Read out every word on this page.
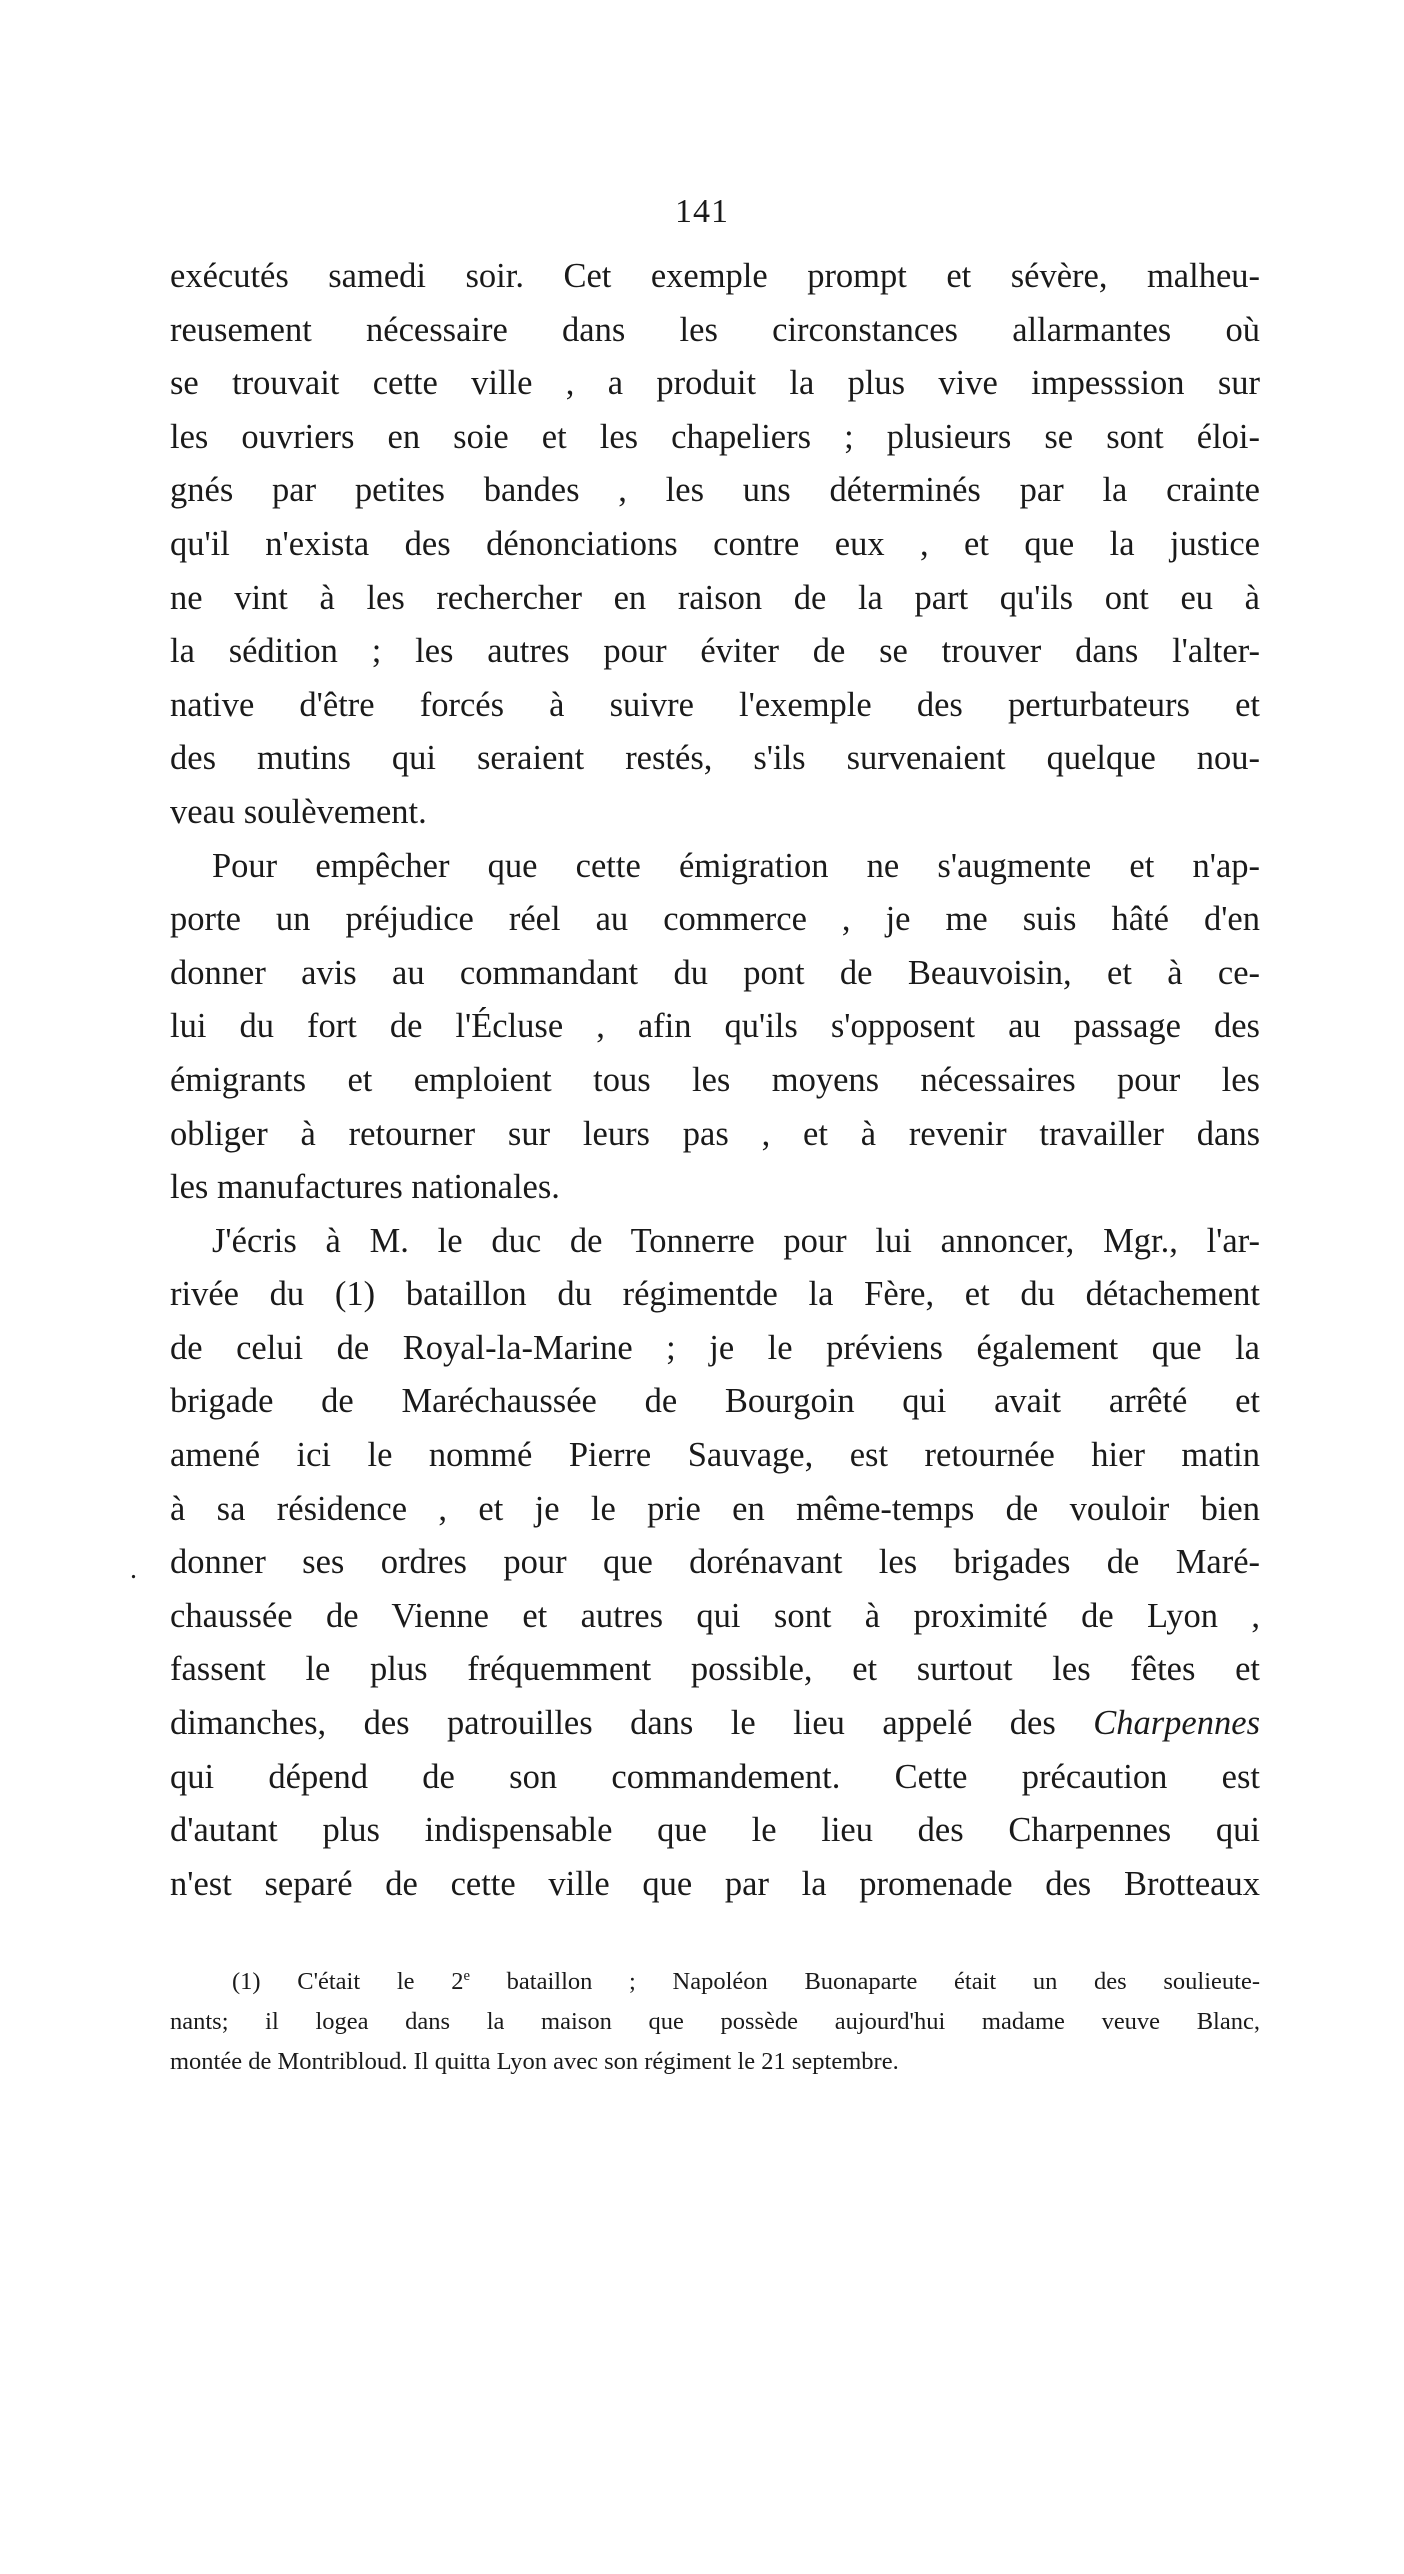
141
.
exécutés samedi soir. Cet exemple prompt et sévère, malheu-
reusement nécessaire dans les circonstances allarmantes où
se trouvait cette ville , a produit la plus vive impesssion sur
les ouvriers en soie et les chapeliers ; plusieurs se sont éloi-
gnés par petites bandes , les uns déterminés par la crainte
qu'il n'exista des dénonciations contre eux , et que la justice
ne vint à les rechercher en raison de la part qu'ils ont eu à
la sédition ; les autres pour éviter de se trouver dans l'alter-
native d'être forcés à suivre l'exemple des perturbateurs et
des mutins qui seraient restés, s'ils survenaient quelque nou-
veau soulèvement.
Pour empêcher que cette émigration ne s'augmente et n'ap-
porte un préjudice réel au commerce , je me suis hâté d'en
donner avis au commandant du pont de Beauvoisin, et à ce-
lui du fort de l'Écluse , afin qu'ils s'opposent au passage des
émigrants et emploient tous les moyens nécessaires pour les
obliger à retourner sur leurs pas , et à revenir travailler dans
les manufactures nationales.
J'écris à M. le duc de Tonnerre pour lui annoncer, Mgr., l'ar-
rivée du (1) bataillon du régimentde la Fère, et du détachement
de celui de Royal-la-Marine ; je le préviens également que la
brigade de Maréchaussée de Bourgoin qui avait arrêté et
amené ici le nommé Pierre Sauvage, est retournée hier matin
à sa résidence , et je le prie en même-temps de vouloir bien
donner ses ordres pour que dorénavant les brigades de Maré-
chaussée de Vienne et autres qui sont à proximité de Lyon ,
fassent le plus fréquemment possible, et surtout les fêtes et
dimanches, des patrouilles dans le lieu appelé des Charpennes
qui dépend de son commandement. Cette précaution est
d'autant plus indispensable que le lieu des Charpennes qui
n'est separé de cette ville que par la promenade des Brotteaux
(1) C'était le 2e bataillon ; Napoléon Buonaparte était un des soulieute-
nants; il logea dans la maison que possède aujourd'hui madame veuve Blanc,
montée de Montribloud. Il quitta Lyon avec son régiment le 21 septembre.
